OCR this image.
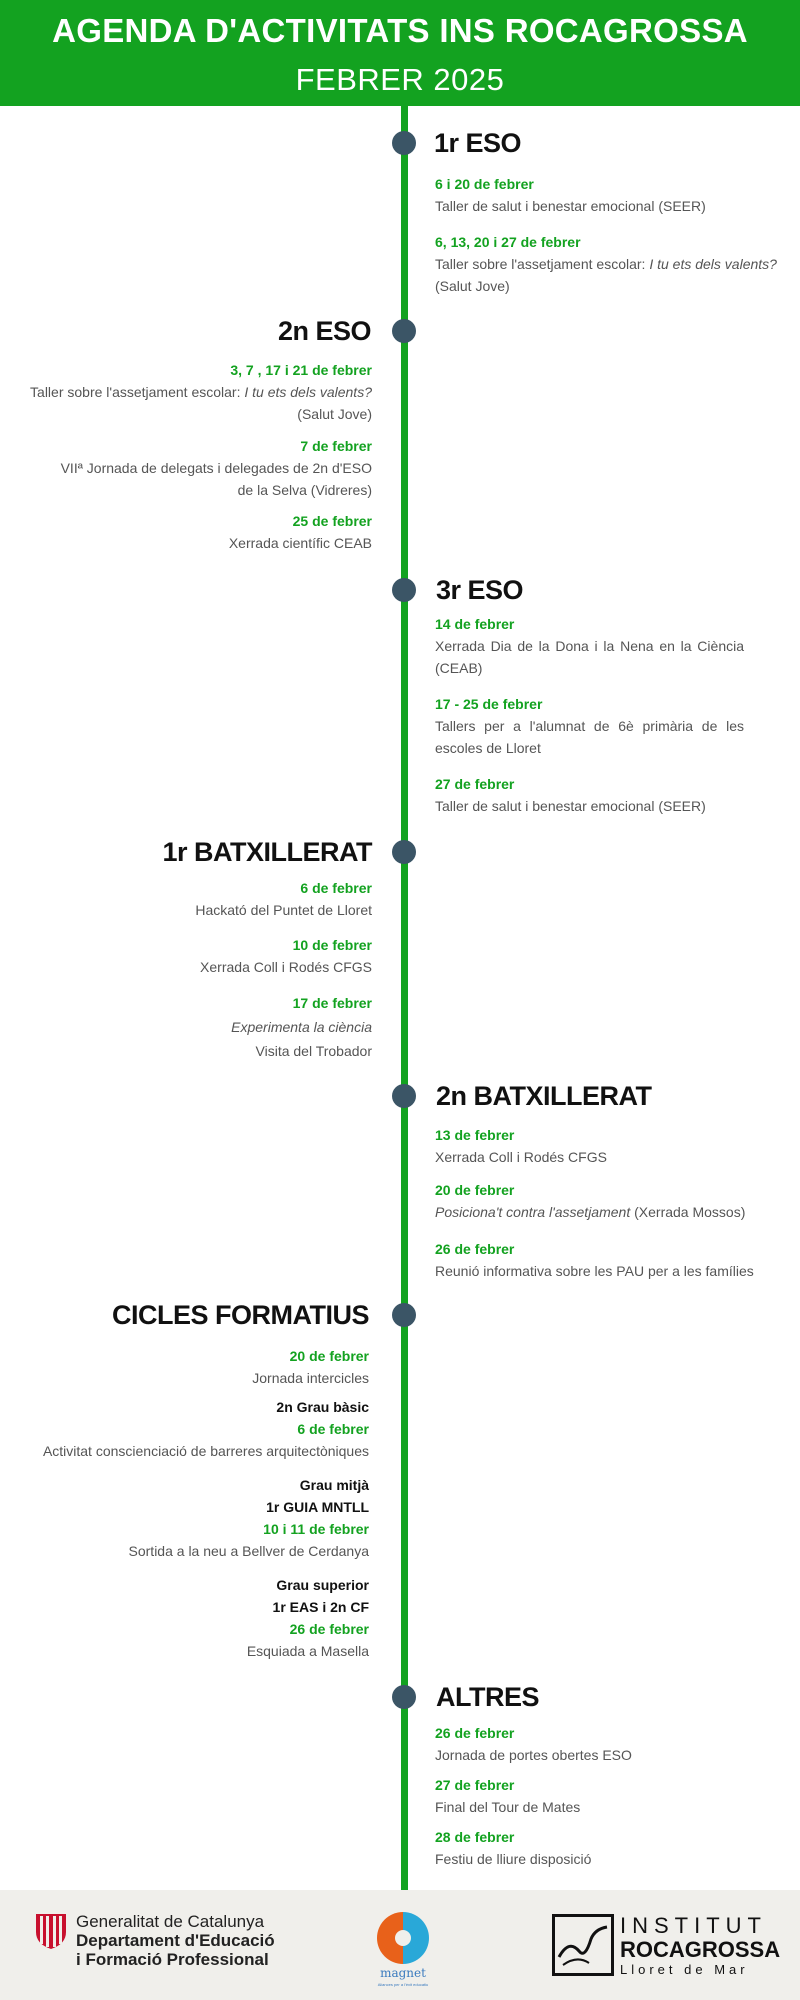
AGENDA D'ACTIVITATS INS ROCAGROSSA
FEBRER 2025
1r ESO
6 i 20 de febrer
Taller de salut i benestar emocional (SEER)
6, 13, 20 i 27 de febrer
Taller sobre l'assetjament escolar: I tu ets dels valents?
(Salut Jove)
2n ESO
3, 7 , 17 i 21 de febrer
Taller sobre l'assetjament escolar: I tu ets dels valents?
(Salut Jove)
7 de febrer
VIIª Jornada de delegats i delegades de 2n d'ESO
de la Selva (Vidreres)
25 de febrer
Xerrada científic CEAB
3r ESO
14 de febrer
Xerrada Dia de la Dona i la Nena en la Ciència (CEAB)
17 - 25 de febrer
Tallers per a l'alumnat de 6è primària de les escoles de Lloret
27 de febrer
Taller de salut i benestar emocional (SEER)
1r BATXILLERAT
6 de febrer
Hackató del Puntet de Lloret
10 de febrer
Xerrada Coll i Rodés CFGS
17 de febrer
Experimenta la ciència
Visita del Trobador
2n BATXILLERAT
13 de febrer
Xerrada Coll i Rodés CFGS
20 de febrer
Posiciona't contra l'assetjament (Xerrada Mossos)
26 de febrer
Reunió informativa sobre les PAU per a les famílies
CICLES FORMATIUS
20 de febrer
Jornada intercicles
2n Grau bàsic
6 de febrer
Activitat conscienciació de barreres arquitectòniques
Grau mitjà
1r GUIA MNTLL
10 i 11 de febrer
Sortida a la neu a Bellver de Cerdanya
Grau superior
1r EAS i 2n CF
26 de febrer
Esquiada a Masella
ALTRES
26 de febrer
Jornada de portes obertes ESO
27 de febrer
Final del Tour de Mates
28 de febrer
Festiu de lliure disposició
Generalitat de Catalunya
Departament d'Educació
i Formació Professional
magnet
Aliances per a l'èxit educatiu
INSTITUT
ROCAGROSSA
Lloret de Mar
